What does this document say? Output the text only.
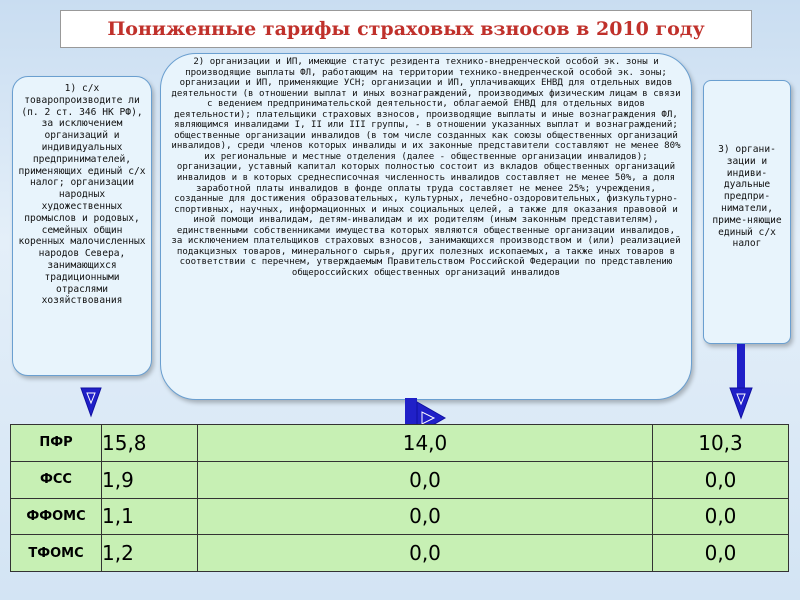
Пониженные тарифы страховых взносов в 2010 году
1) с/х товаропроизводите ли (п. 2 ст. 346 НК РФ), за исключением организаций и индивидуальных предпринимателей, применяющих единый с/х налог; организации народных художественных промыслов и родовых, семейных общин коренных малочисленных народов Севера, занимающихся традиционными отраслями хозяйствования
2) организации и ИП, имеющие статус резидента технико-внедренческой особой эк. зоны и производящие выплаты ФЛ, работающим на территории технико-внедренческой особой эк. зоны; организации и ИП, применяющие УСН; организации и ИП, уплачивающих ЕНВД для отдельных видов деятельности (в отношении выплат и иных вознаграждений, производимых физическим лицам в связи с ведением предпринимательской деятельности, облагаемой ЕНВД для отдельных видов деятельности); плательщики страховых взносов, производящие выплаты и иные вознаграждения ФЛ, являющимся инвалидами I, II или III группы, - в отношении указанных выплат и вознаграждений; общественные организации инвалидов (в том числе созданных как союзы общественных организаций инвалидов), среди членов которых инвалиды и их законные представители составляют не менее 80% их региональные и местные отделения (далее - общественные организации инвалидов); организации, уставный капитал которых полностью состоит из вкладов общественных организаций инвалидов и в которых среднесписочная численность инвалидов составляет не менее 50%, а доля заработной платы инвалидов в фонде оплаты труда составляет не менее 25%; учреждения, созданные для достижения образовательных, культурных, лечебно-оздоровительных, физкультурно-спортивных, научных, информационных и иных социальных целей, а также для оказания правовой и иной помощи инвалидам, детям-инвалидам и их родителям (иным законным представителям), единственными собственниками имущества которых являются общественные организации инвалидов, за исключением плательщиков страховых взносов, занимающихся производством и (или) реализацией подакцизных товаров, минерального сырья, других полезных ископаемых, а также иных товаров в соответствии с перечнем, утверждаемым Правительством Российской Федерации по представлению общероссийских общественных организаций инвалидов
3) органи-зации и индиви-дуальные предпри-ниматели, приме-няющие единый с/х налог
ПФР	15,8	14,0	10,3
ФСС	1,9	0,0	0,0
ФФОМС	1,1	0,0	0,0
ТФОМС	1,2	0,0	0,0
